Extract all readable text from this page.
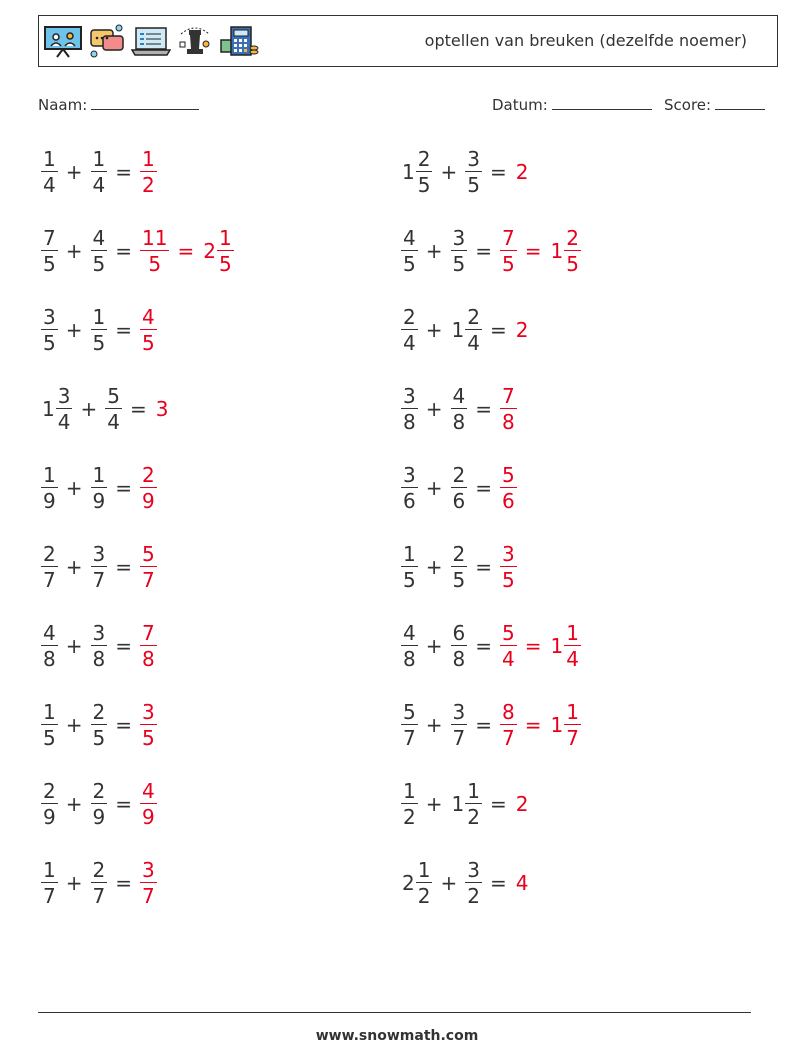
optellen van breuken (dezelfde noemer)
Naam:	Datum:	Score:
$\frac{1}{4} + \frac{1}{4} = \frac{1}{2}$	$1 \frac{2}{5} + \frac{3}{5} = 2$
$\frac{7}{5} + \frac{4}{5} = \frac{11}{5} = 2 \frac{1}{5}$	$\frac{4}{5} + \frac{3}{5} = \frac{7}{5} = 1 \frac{2}{5}$
$\frac{3}{5} + \frac{1}{5} = \frac{4}{5}$	$\frac{2}{4} + 1 \frac{2}{4} = 2$
$1 \frac{3}{4} + \frac{5}{4} = 3$	$\frac{3}{8} + \frac{4}{8} = \frac{7}{8}$
$\frac{1}{9} + \frac{1}{9} = \frac{2}{9}$	$\frac{3}{6} + \frac{2}{6} = \frac{5}{6}$
$\frac{2}{7} + \frac{3}{7} = \frac{5}{7}$	$\frac{1}{5} + \frac{2}{5} = \frac{3}{5}$
$\frac{4}{8} + \frac{3}{8} = \frac{7}{8}$	$\frac{4}{8} + \frac{6}{8} = \frac{5}{4} = 1 \frac{1}{4}$
$\frac{1}{5} + \frac{2}{5} = \frac{3}{5}$	$\frac{5}{7} + \frac{3}{7} = \frac{8}{7} = 1 \frac{1}{7}$
$\frac{2}{9} + \frac{2}{9} = \frac{4}{9}$	$\frac{1}{2} + 1 \frac{1}{2} = 2$
$\frac{1}{7} + \frac{2}{7} = \frac{3}{7}$	$2 \frac{1}{2} + \frac{3}{2} = 4$
www.snowmath.com
